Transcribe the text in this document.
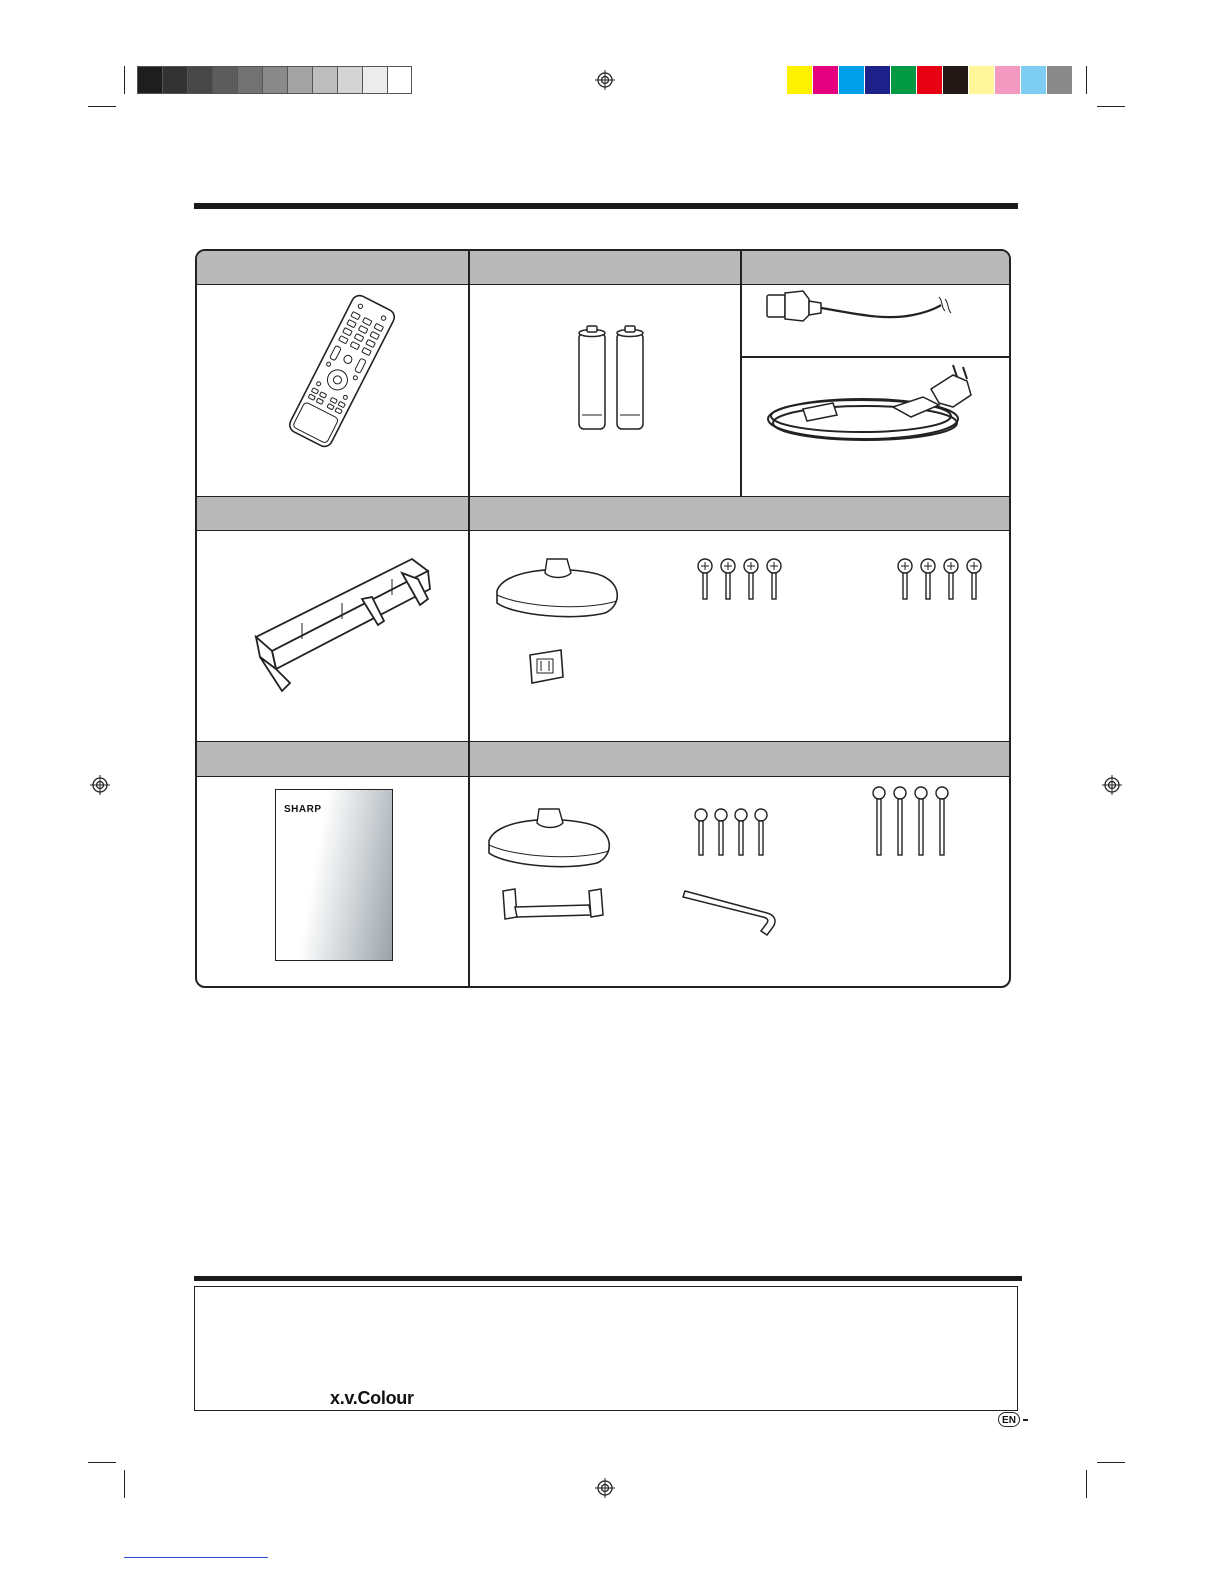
SHARP
x.v.Colour
EN
